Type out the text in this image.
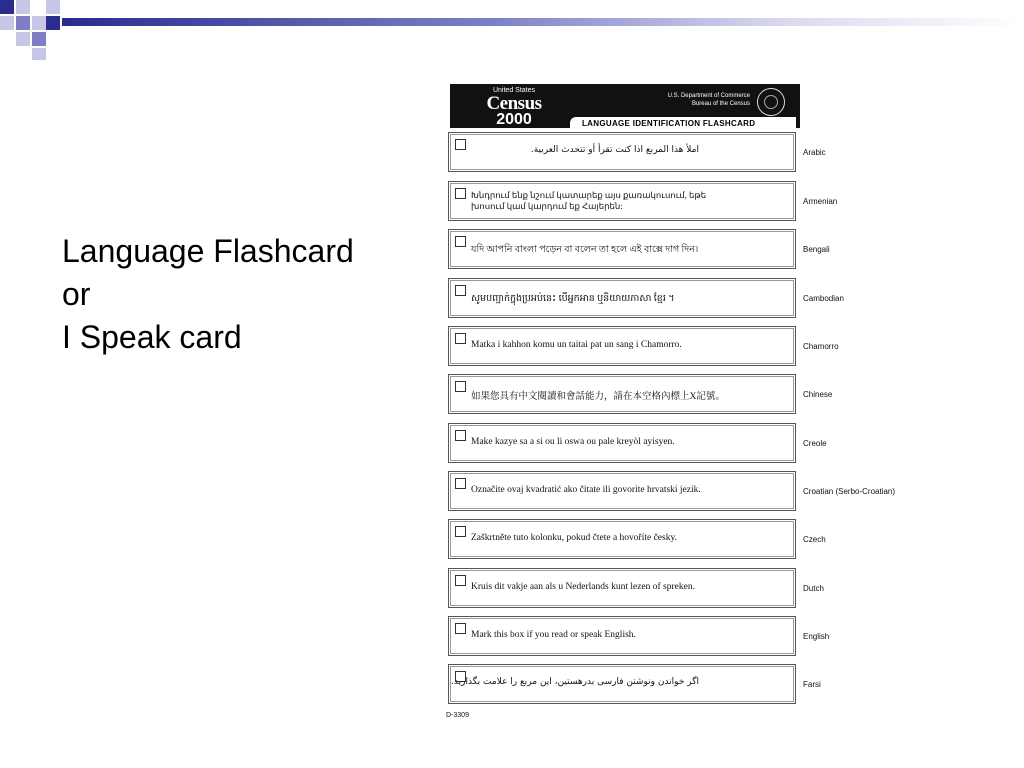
Language Flashcard
or
I Speak card
United States
Census
2000
U.S. Department of Commerce
Bureau of the Census
LANGUAGE IDENTIFICATION FLASHCARD
املأ هذا المربع اذا كنت تقرأ أو تتحدث العربية.	Arabic
Խնդրում ենք նշում կատարեք այս քառակուսում, եթե խոսում կամ կարդում եք Հայերեն:	Armenian
যদি আপনি বাংলা পড়েন বা বলেন তা হলে এই বাক্সে দাগ দিন।	Bengali
សូមបញ្ជាក់ក្នុងប្រអប់នេះ បើអ្នកអាន ឬនិយាយភាសា ខ្មែរ ។	Cambodian
Matka i kahhon komu un taitai pat un sang i Chamorro.	Chamorro
如果您具有中文閱讀和會話能力，請在本空格內標上X記號。	Chinese
Make kazye sa a si ou li oswa ou pale kreyòl ayisyen.	Creole
Označite ovaj kvadratić ako čitate ili govorite hrvatski jezik.	Croatian (Serbo-Croatian)
Zaškrtněte tuto kolonku, pokud čtete a hovoříte česky.	Czech
Kruis dit vakje aan als u Nederlands kunt lezen of spreken.	Dutch
Mark this box if you read or speak English.	English
اگر خواندن ونوشتن فارسی بدرهستین، این مربع را علامت بگذارید.	Farsi
D-3309
